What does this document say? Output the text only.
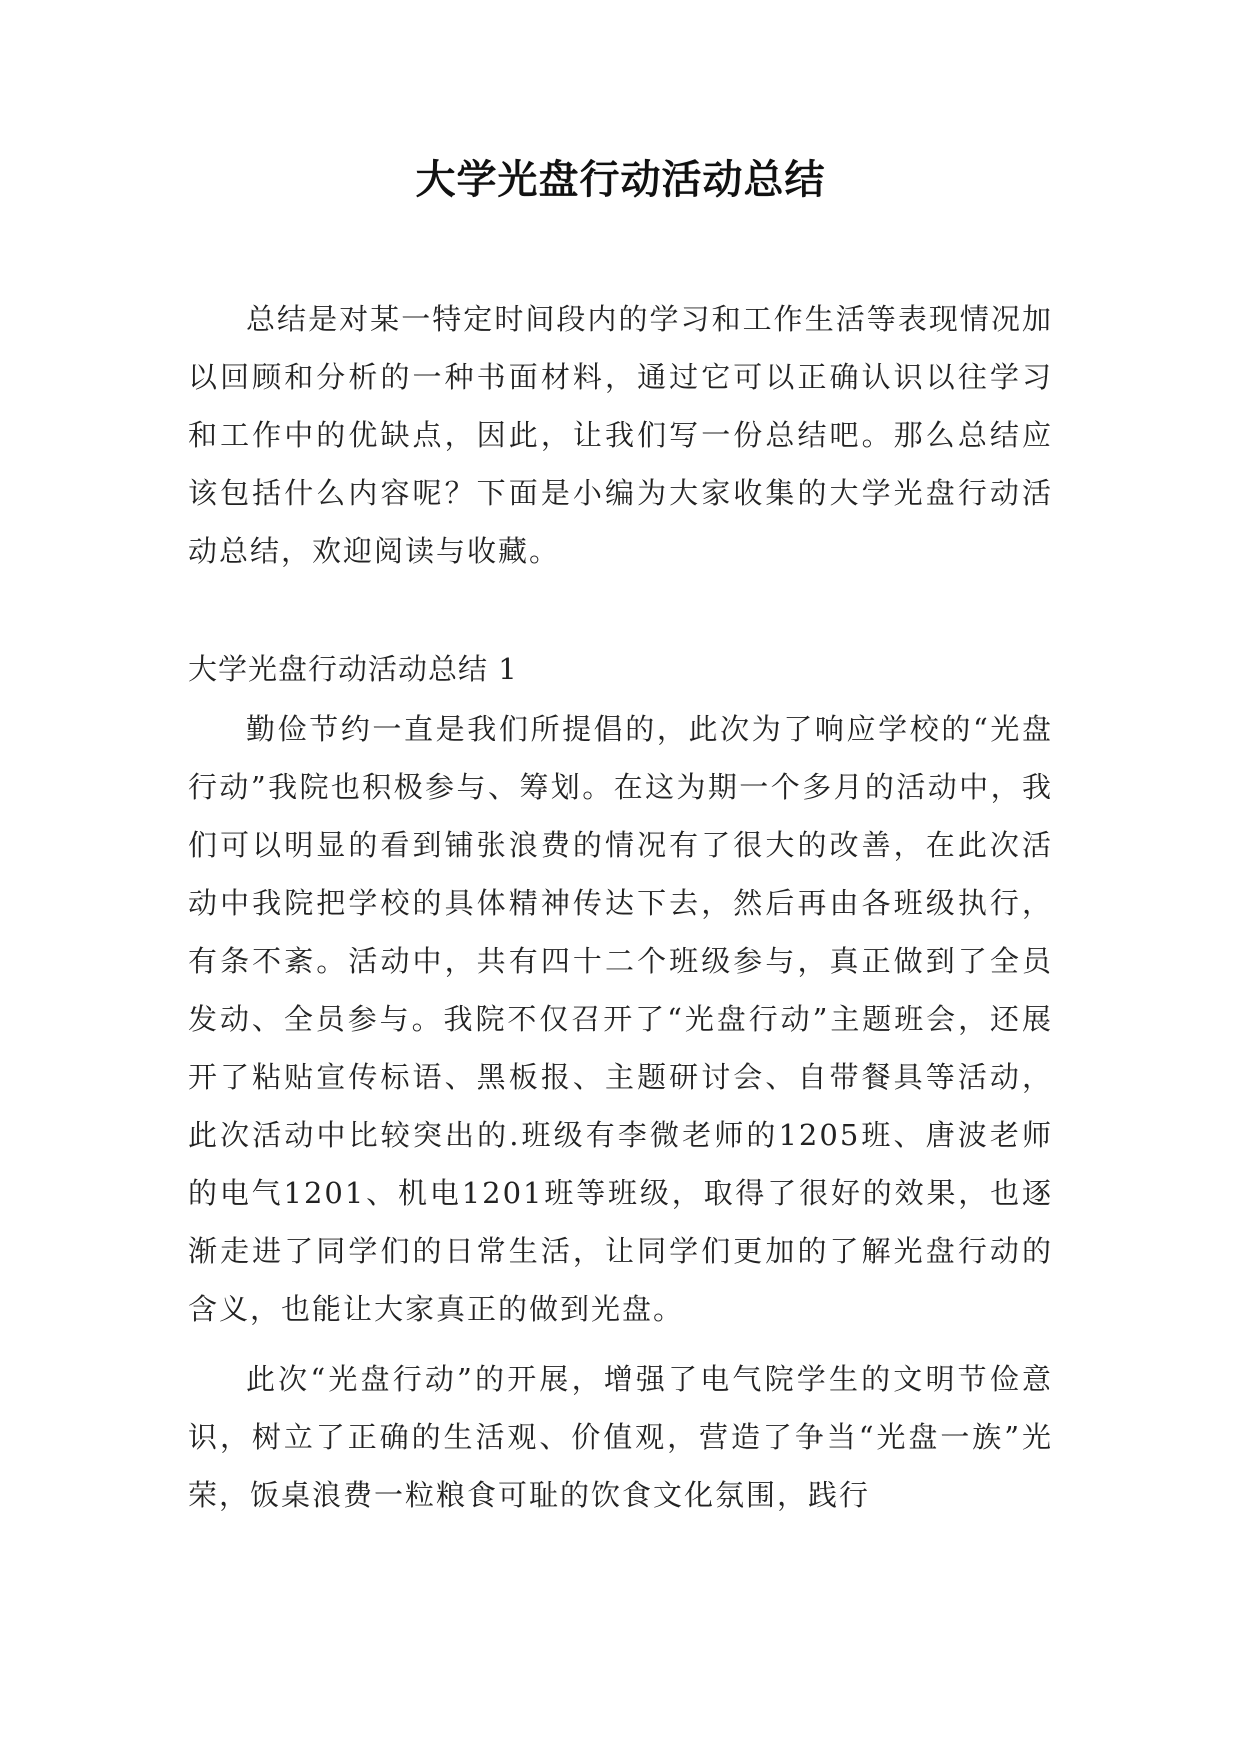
大学光盘行动活动总结

总结是对某一特定时间段内的学习和工作生活等表现情况加以回顾和分析的一种书面材料，通过它可以正确认识以往学习和工作中的优缺点，因此，让我们写一份总结吧。那么总结应该包括什么内容呢？下面是小编为大家收集的大学光盘行动活动总结，欢迎阅读与收藏。

大学光盘行动活动总结 1

勤俭节约一直是我们所提倡的，此次为了响应学校的“光盘行动”我院也积极参与、筹划。在这为期一个多月的活动中，我们可以明显的看到铺张浪费的情况有了很大的改善，在此次活动中我院把学校的具体精神传达下去，然后再由各班级执行，有条不紊。活动中，共有四十二个班级参与，真正做到了全员发动、全员参与。我院不仅召开了“光盘行动”主题班会，还展开了粘贴宣传标语、黑板报、主题研讨会、自带餐具等活动，此次活动中比较突出的.班级有李微老师的1205班、唐波老师的电气1201、机电1201班等班级，取得了很好的效果，也逐渐走进了同学们的日常生活，让同学们更加的了解光盘行动的含义，也能让大家真正的做到光盘。

此次“光盘行动”的开展，增强了电气院学生的文明节俭意识，树立了正确的生活观、价值观，营造了争当“光盘一族”光荣，饭桌浪费一粒粮食可耻的饮食文化氛围，践行
